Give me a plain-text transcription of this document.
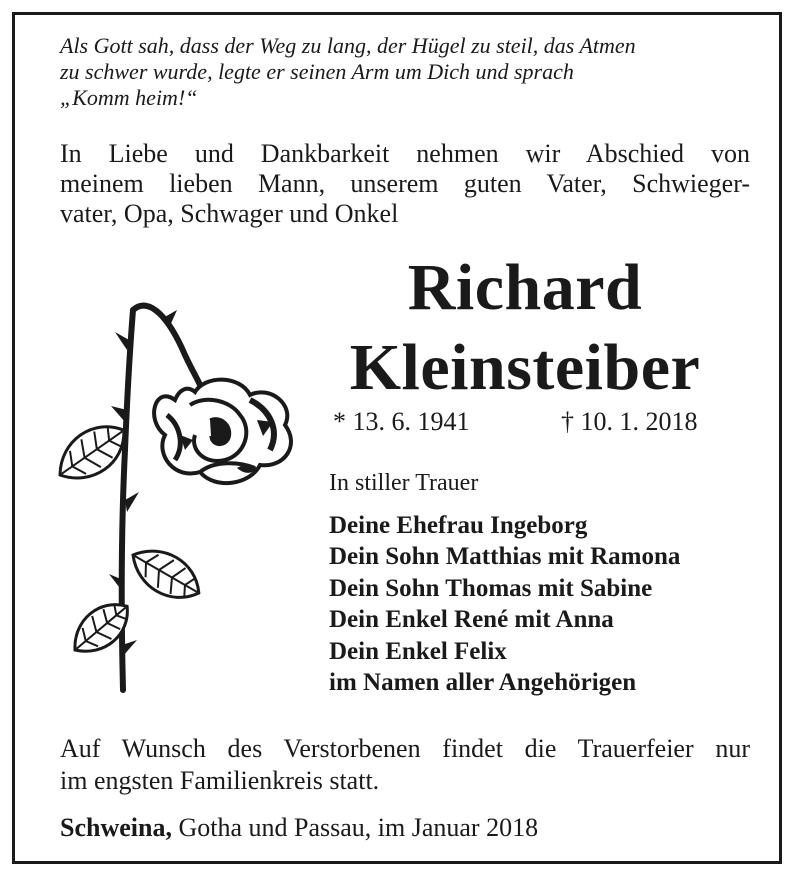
Als Gott sah, dass der Weg zu lang, der Hügel zu steil, das Atmen
zu schwer wurde, legte er seinen Arm um Dich und sprach
„Komm heim!“
In Liebe und Dankbarkeit nehmen wir Abschied von
meinem lieben Mann, unserem guten Vater, Schwieger-
vater, Opa, Schwager und Onkel
Richard
Kleinsteiber
* 13. 6. 1941	† 10. 1. 2018
In stiller Trauer
Deine Ehefrau Ingeborg
Dein Sohn Matthias mit Ramona
Dein Sohn Thomas mit Sabine
Dein Enkel René mit Anna
Dein Enkel Felix
im Namen aller Angehörigen
Auf Wunsch des Verstorbenen findet die Trauerfeier nur
im engsten Familienkreis statt.
Schweina, Gotha und Passau, im Januar 2018
